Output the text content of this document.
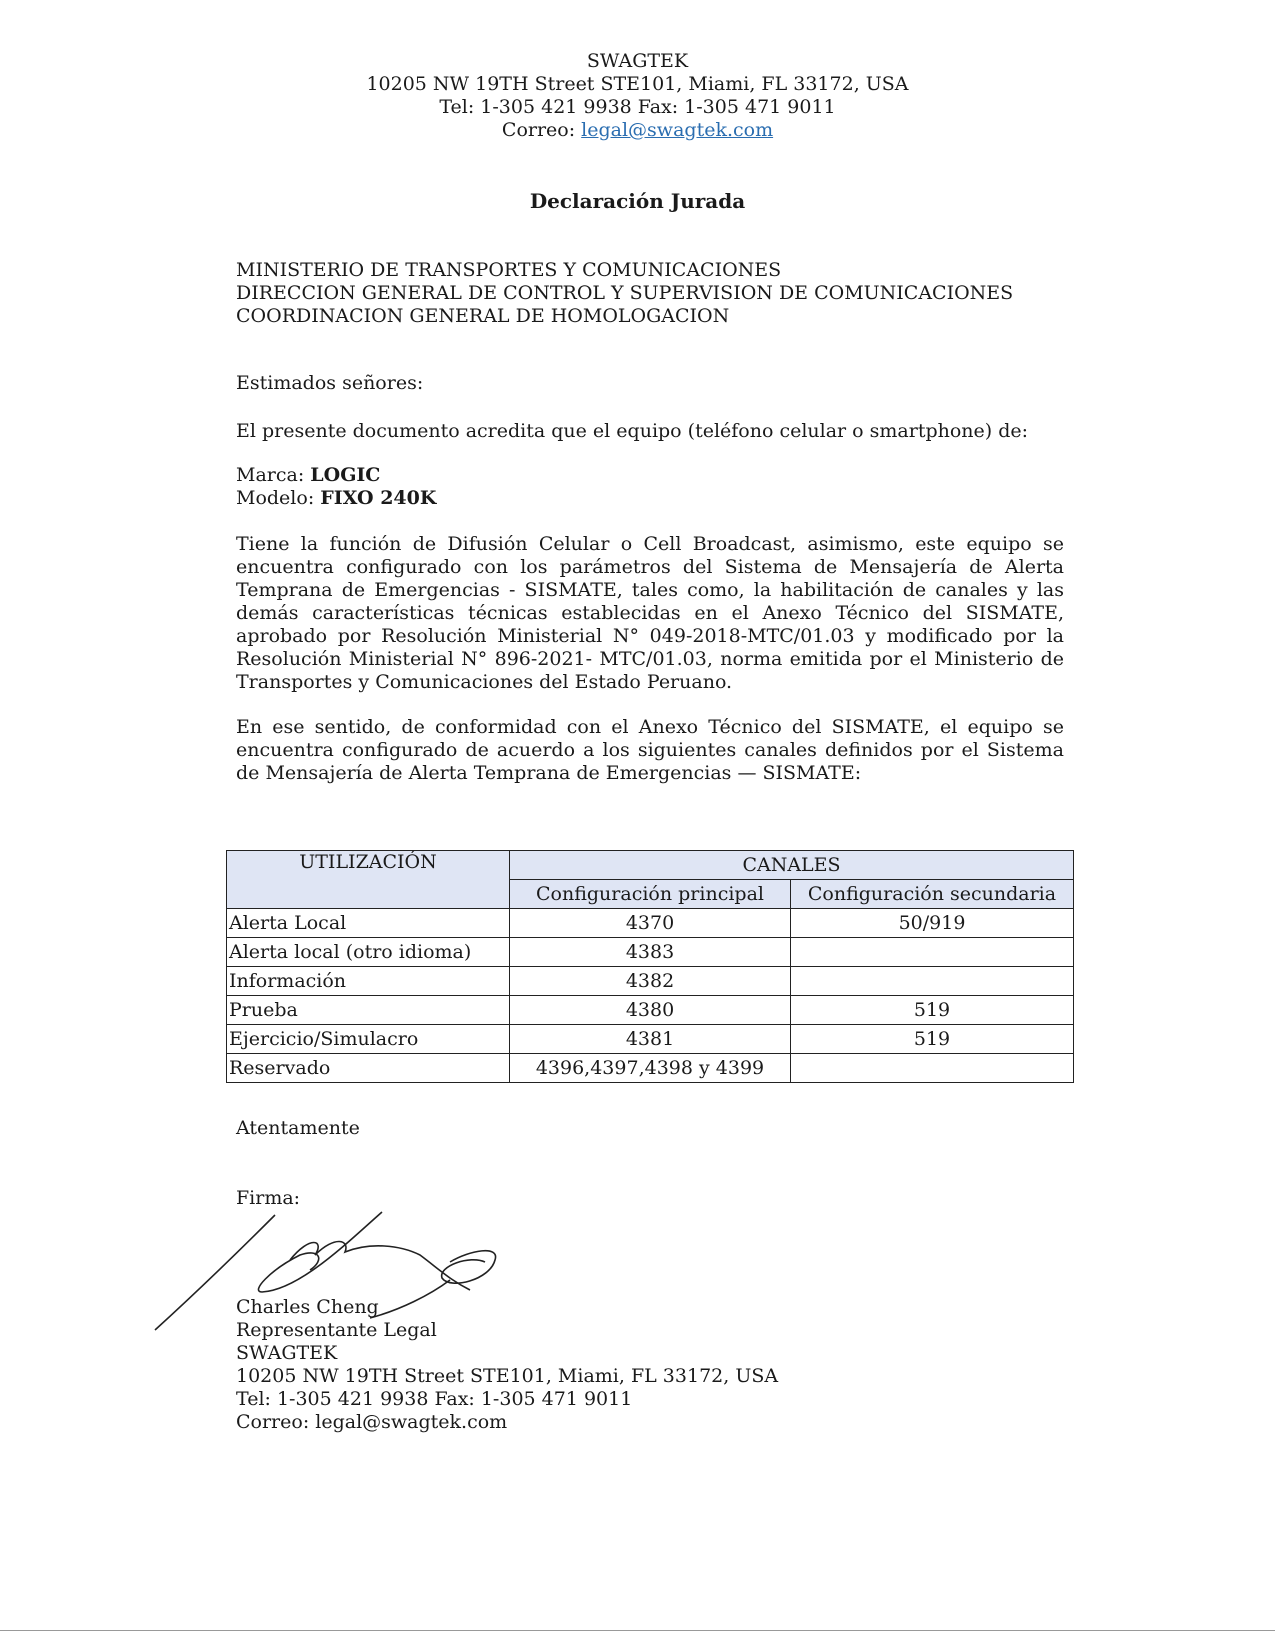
SWAGTEK
10205 NW 19TH Street STE101, Miami, FL 33172, USA
Tel: 1-305 421 9938 Fax: 1-305 471 9011
Correo: legal@swagtek.com
Declaración Jurada
MINISTERIO DE TRANSPORTES Y COMUNICACIONES
DIRECCION GENERAL DE CONTROL Y SUPERVISION DE COMUNICACIONES
COORDINACION GENERAL DE HOMOLOGACION
Estimados señores:
El presente documento acredita que el equipo (teléfono celular o smartphone) de:
Marca: LOGIC
Modelo: FIXO 240K
Tiene la función de Difusión Celular o Cell Broadcast, asimismo, este equipo se encuentra configurado con los parámetros del Sistema de Mensajería de Alerta Temprana de Emergencias - SISMATE, tales como, la habilitación de canales y las demás características técnicas establecidas en el Anexo Técnico del SISMATE, aprobado por Resolución Ministerial N° 049-2018-MTC/01.03 y modificado por la Resolución Ministerial N° 896-2021- MTC/01.03, norma emitida por el Ministerio de Transportes y Comunicaciones del Estado Peruano.
En ese sentido, de conformidad con el Anexo Técnico del SISMATE, el equipo se encuentra configurado de acuerdo a los siguientes canales definidos por el Sistema de Mensajería de Alerta Temprana de Emergencias — SISMATE:
UTILIZACIÓN	CANALES	
	Configuración principal	Configuración secundaria
Alerta Local	4370	50/919
Alerta local (otro idioma)	4383	
Información	4382	
Prueba	4380	519
Ejercicio/Simulacro	4381	519
Reservado	4396,4397,4398 y 4399	
Atentamente
Firma:
Charles Cheng
Representante Legal
SWAGTEK
10205 NW 19TH Street STE101, Miami, FL 33172, USA
Tel: 1-305 421 9938 Fax: 1-305 471 9011
Correo: legal@swagtek.com
